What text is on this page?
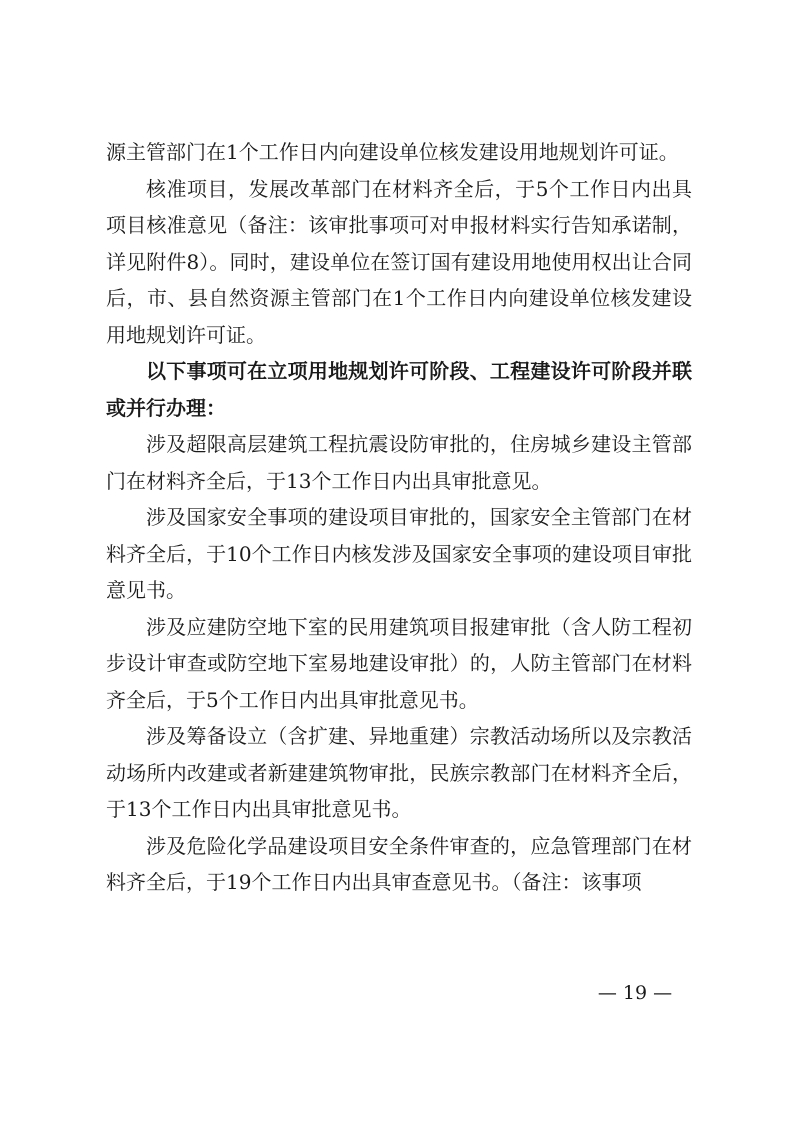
源主管部门在1个工作日内向建设单位核发建设用地规划许可证。

核准项目，发展改革部门在材料齐全后，于5个工作日内出具项目核准意见（备注：该审批事项可对申报材料实行告知承诺制，详见附件8）。同时，建设单位在签订国有建设用地使用权出让合同后，市、县自然资源主管部门在1个工作日内向建设单位核发建设用地规划许可证。

以下事项可在立项用地规划许可阶段、工程建设许可阶段并联或并行办理：

涉及超限高层建筑工程抗震设防审批的，住房城乡建设主管部门在材料齐全后，于13个工作日内出具审批意见。

涉及国家安全事项的建设项目审批的，国家安全主管部门在材料齐全后，于10个工作日内核发涉及国家安全事项的建设项目审批意见书。

涉及应建防空地下室的民用建筑项目报建审批（含人防工程初步设计审查或防空地下室易地建设审批）的，人防主管部门在材料齐全后，于5个工作日内出具审批意见书。

涉及筹备设立（含扩建、异地重建）宗教活动场所以及宗教活动场所内改建或者新建建筑物审批，民族宗教部门在材料齐全后，于13个工作日内出具审批意见书。

涉及危险化学品建设项目安全条件审查的，应急管理部门在材料齐全后，于19个工作日内出具审查意见书。（备注：该事项

— 19 —
